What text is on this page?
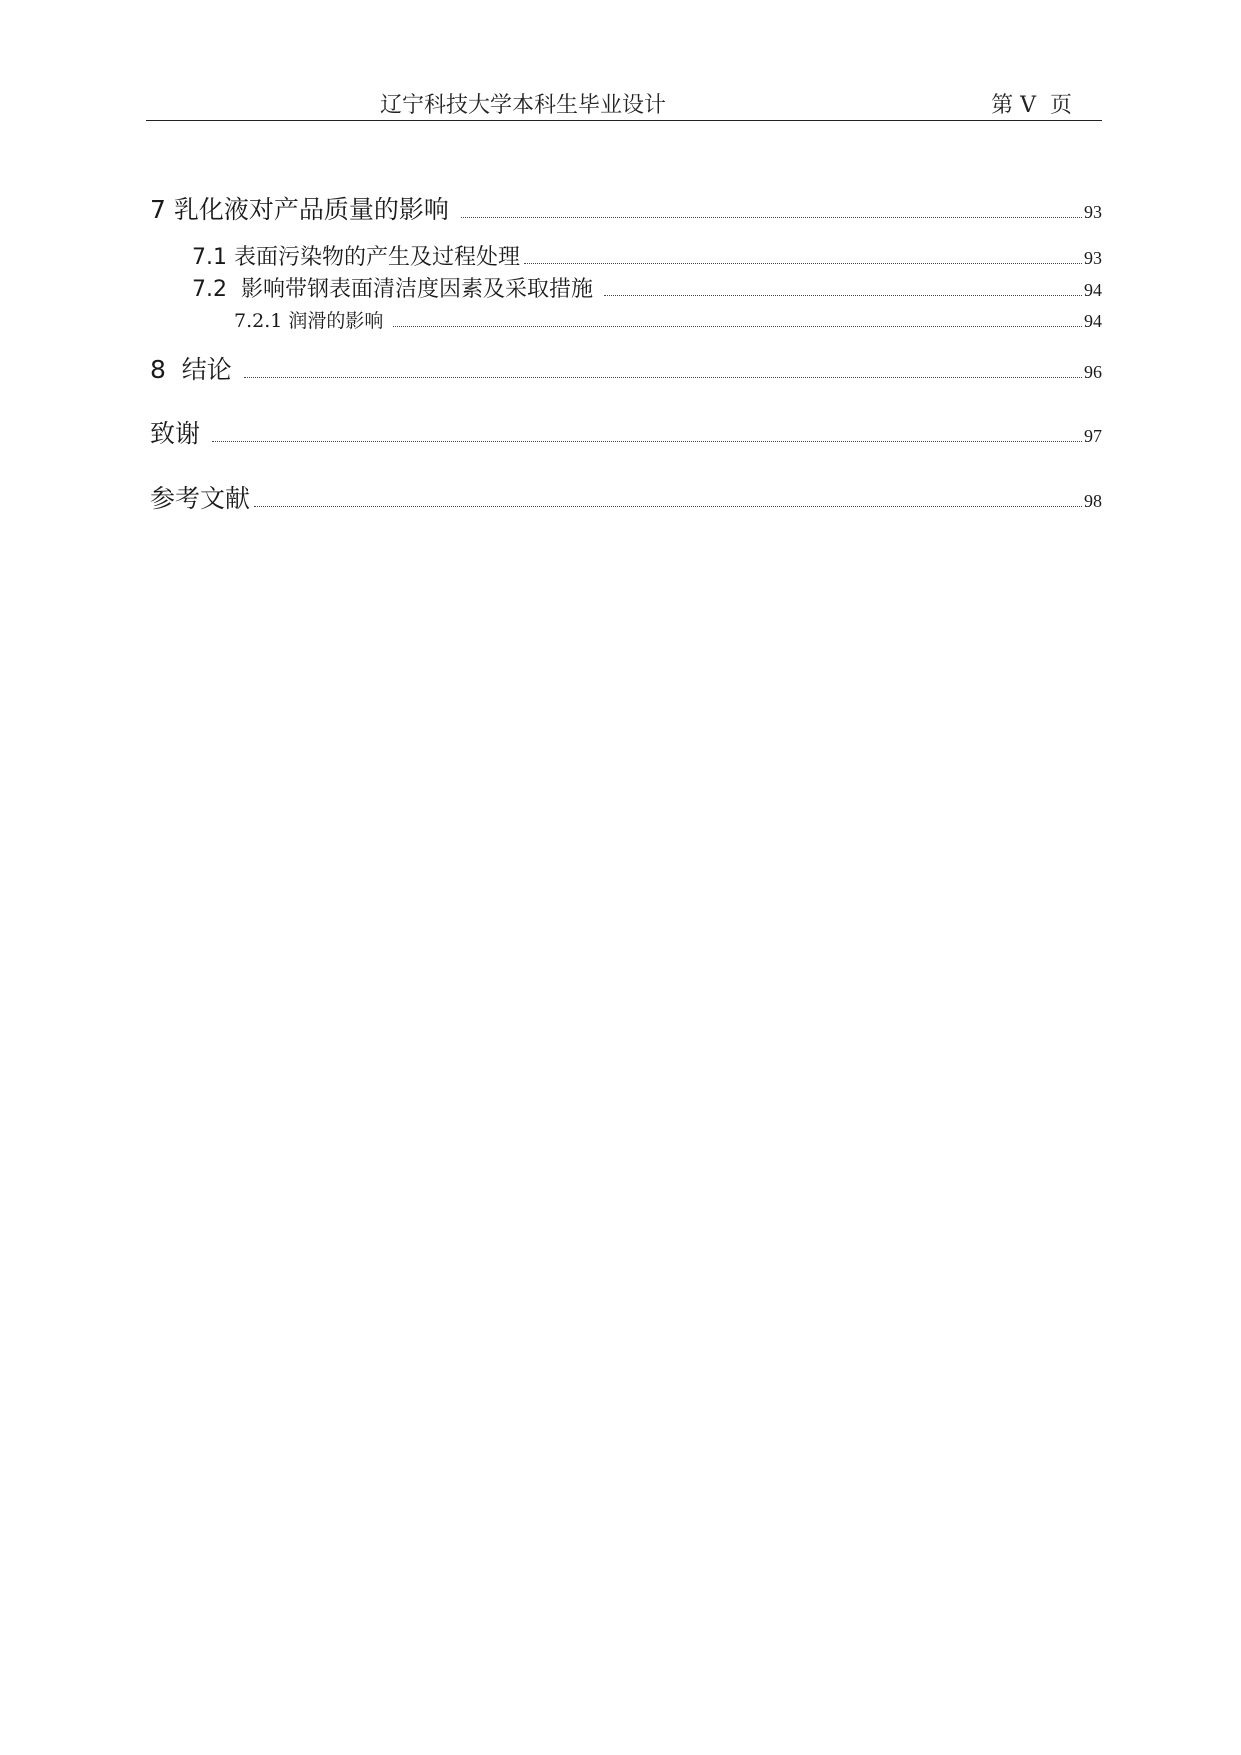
辽宁科技大学本科生毕业设计	第 V  页
7 乳化液对产品质量的影响	93
7.1 表面污染物的产生及过程处理	93
7.2  影响带钢表面清洁度因素及采取措施	94
7.2.1 润滑的影响	94
8  结论	96
致谢	97
参考文献	98
